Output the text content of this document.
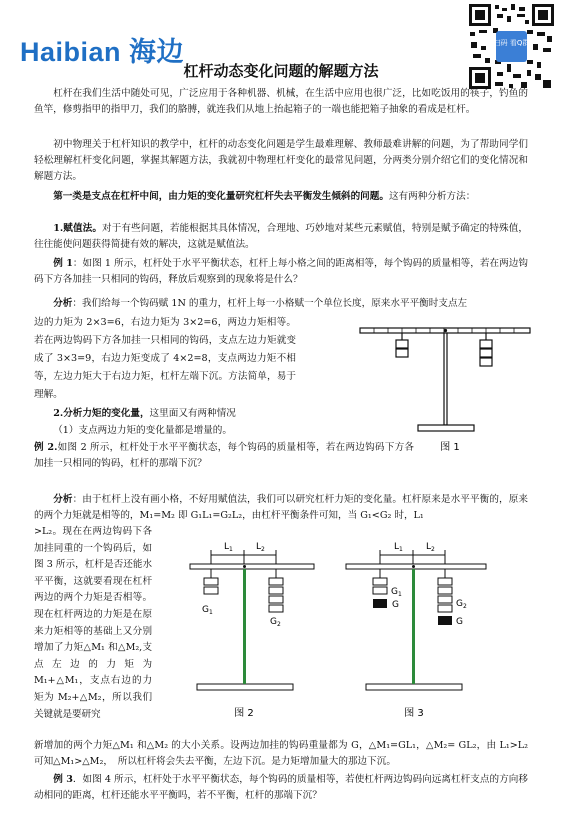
Haibian 海边	扫码 看Q群
杠杆动态变化问题的解题方法
杠杆在我们生活中随处可见，广泛应用于各种机器、机械，在生活中应用也很广泛，比如吃饭用的筷子，钓鱼的鱼竿，修剪指甲的指甲刀，我们的胳膊，就连我们从地上抬起箱子的一端也能把箱子抽象的看成是杠杆。
初中物理关于杠杆知识的教学中，杠杆的动态变化问题是学生最难理解、教师最难讲解的问题，为了帮助同学们轻松理解杠杆变化问题，掌握其解题方法，我就初中物理杠杆变化的最常见问题，分两类分别介绍它们的变化情况和解题方法。
第一类是支点在杠杆中间，由力矩的变化量研究杠杆失去平衡发生倾斜的问题。这有两种分析方法：
1.赋值法。对于有些问题，若能根据其具体情况，合理地、巧妙地对某些元素赋值，特别是赋予确定的特殊值，往往能使问题获得简捷有效的解决，这就是赋值法。
例 1：如图 1 所示，杠杆处于水平平衡状态，杠杆上每小格之间的距离相等，每个钩码的质量相等，若在两边钩码下方各加挂一只相同的钩码，释放后观察到的现象将是什么？
分析：我们给每一个钩码赋 1N 的重力，杠杆上每一小格赋一个单位长度，原来水平平衡时支点左
边的力矩为 2×3=6，右边力矩为 3×2=6，两边力矩相等。若在两边钩码下方各加挂一只相同的钩码，支点左边力矩就变成了 3×3=9，右边力矩变成了 4×2=8，支点两边力矩不相等，左边力矩大于右边力矩，杠杆左端下沉。方法简单，易于理解。
2.分析力矩的变化量，这里面又有两种情况
（1）支点两边力矩的变化量都是增量的。
例 2.如图 2 所示，杠杆处于水平平衡状态，每个钩码的质量相等，若在两边钩码下方各加挂一只相同的钩码，杠杆的那端下沉？
分析：由于杠杆上没有画小格，不好用赋值法，我们可以研究杠杆力矩的变化量。杠杆原来是水平平衡的，原来的两个力矩就是相等的，M₁=M₂ 即 G₁L₁=G₂L₂，由杠杆平衡条件可知，当 G₁<G₂ 时，L₁
>L₂。现在在两边钩码下各加挂同重的一个钩码后，如图 3 所示，杠杆是否还能水平平衡，这就要看现在杠杆两边的两个力矩是否相等。现在杠杆两边的力矩是在原来力矩相等的基础上又分别增加了力矩△M₁ 和△M₂,支点左边的力矩为 M₁+△M₁，支点右边的力矩为 M₂+△M₂，所以我们关键就是要研究
新增加的两个力矩△M₁ 和△M₂ 的大小关系。设两边加挂的钩码重量都为 G，△M₁=GL₁，△M₂= GL₂，由 L₁>L₂ 可知△M₁>△M₂，　所以杠杆将会失去平衡，左边下沉。是力矩增加量大的那边下沉。
例 3．如图 4 所示，杠杆处于水平平衡状态，每个钩码的质量相等，若使杠杆两边钩码向远离杠杆支点的方向移动相同的距离，杠杆还能水平平衡吗，若不平衡，杠杆的那端下沉？
图 1
$L_1$	$L_2$
$G_1$
$G_2$
图 2
$L_1$	$L_2$
$G_1$
G	$G_2$
G
图 3
